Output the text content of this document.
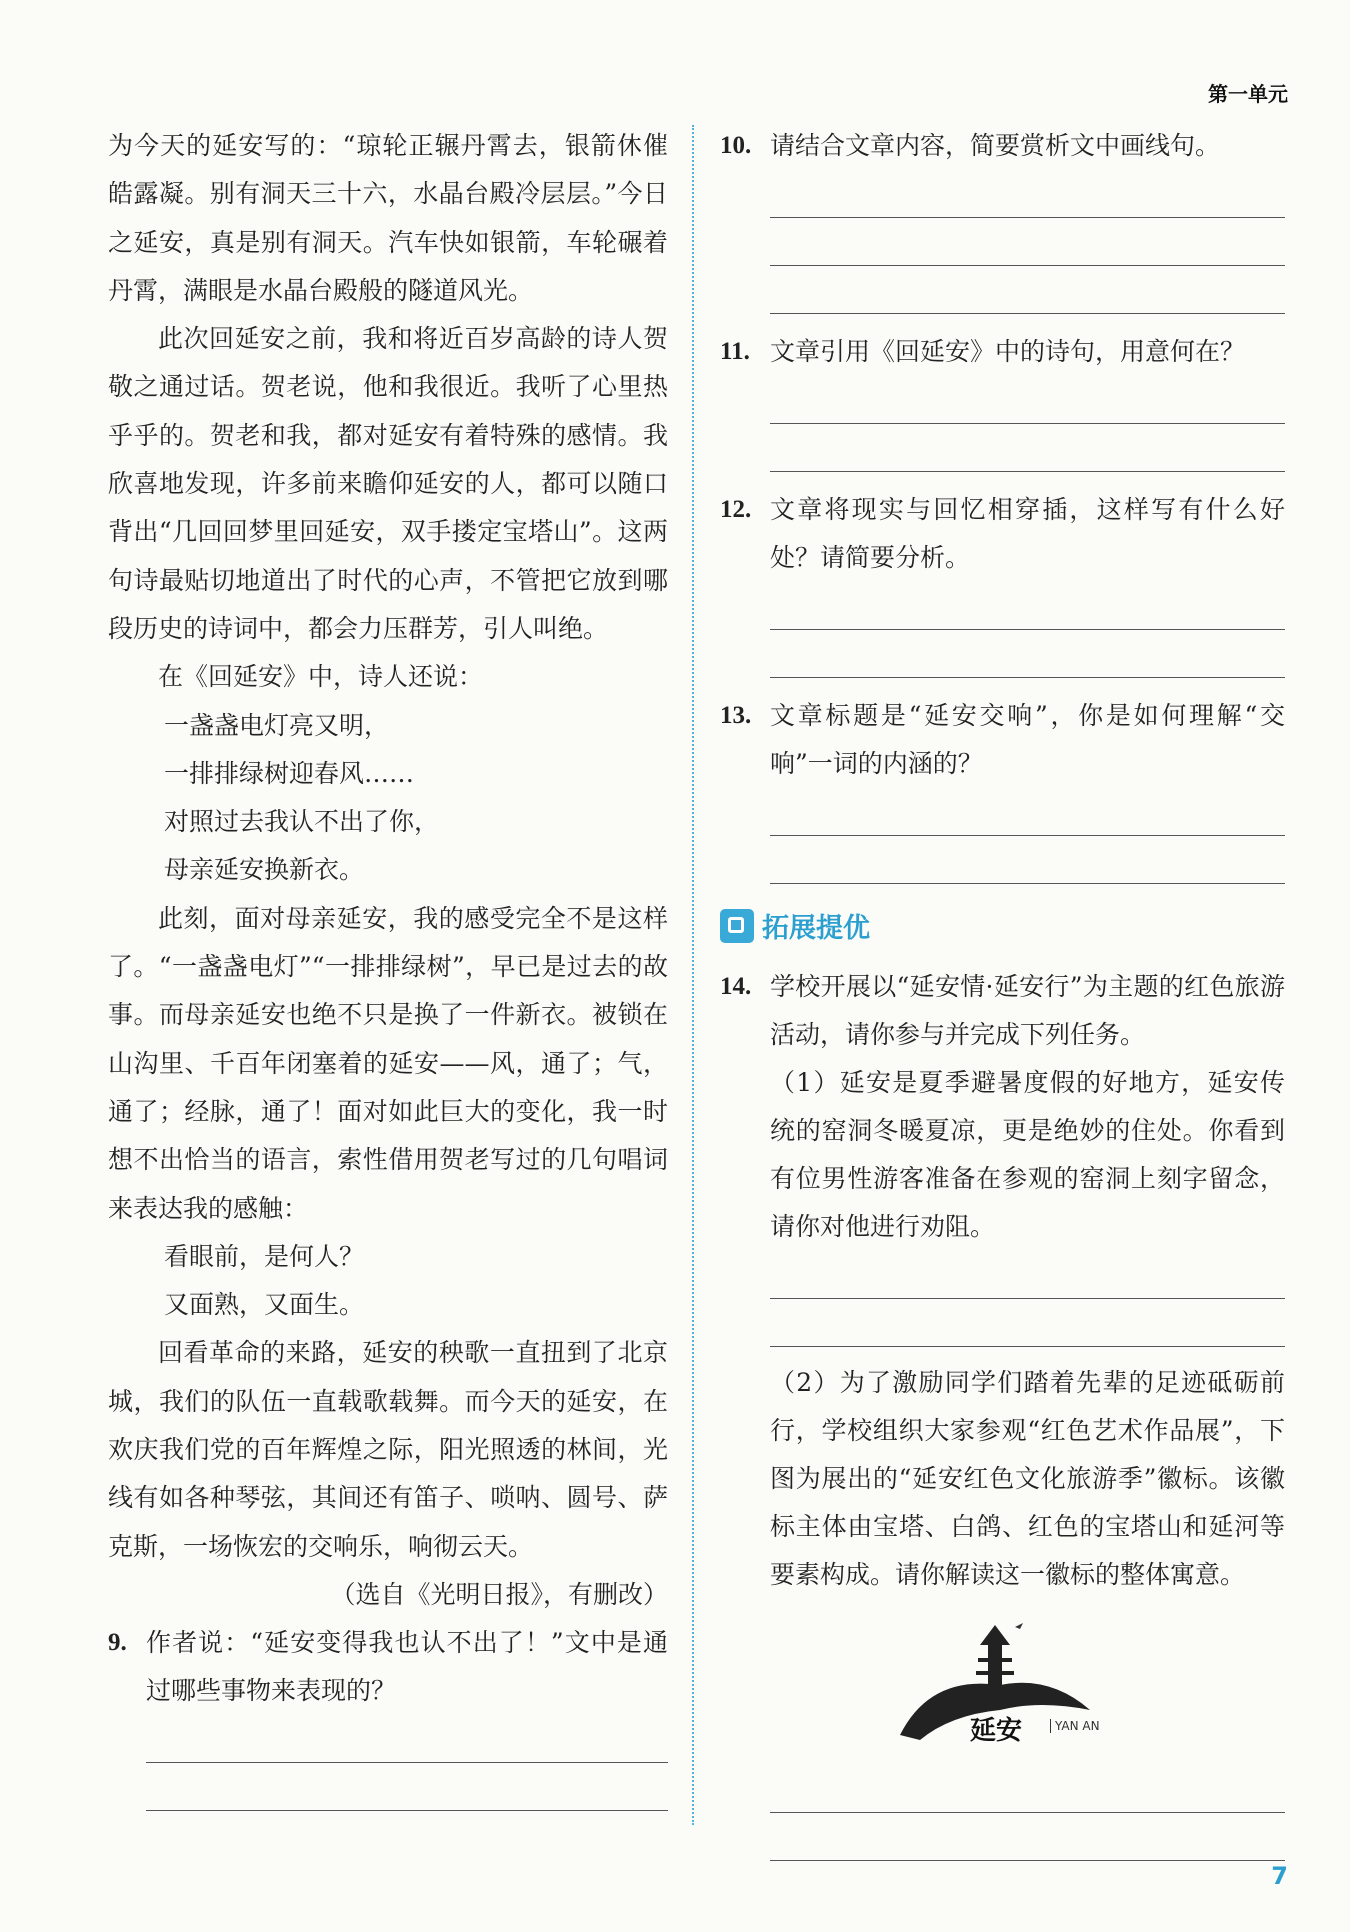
第一单元

为今天的延安写的：“琼轮正辗丹霄去，银箭休催皓露凝。别有洞天三十六，水晶台殿冷层层。”今日之延安，真是别有洞天。汽车快如银箭，车轮碾着丹霄，满眼是水晶台殿般的隧道风光。

此次回延安之前，我和将近百岁高龄的诗人贺敬之通过话。贺老说，他和我很近。我听了心里热乎乎的。贺老和我，都对延安有着特殊的感情。我欣喜地发现，许多前来瞻仰延安的人，都可以随口背出“几回回梦里回延安，双手搂定宝塔山”。这两句诗最贴切地道出了时代的心声，不管把它放到哪段历史的诗词中，都会力压群芳，引人叫绝。

在《回延安》中，诗人还说：

一盏盏电灯亮又明，

一排排绿树迎春风……

对照过去我认不出了你，

母亲延安换新衣。

此刻，面对母亲延安，我的感受完全不是这样了。“一盏盏电灯”“一排排绿树”，早已是过去的故事。而母亲延安也绝不只是换了一件新衣。被锁在山沟里、千百年闭塞着的延安——风，通了；气，通了；经脉，通了！面对如此巨大的变化，我一时想不出恰当的语言，索性借用贺老写过的几句唱词来表达我的感触：

看眼前，是何人？

又面熟，又面生。

回看革命的来路，延安的秧歌一直扭到了北京城，我们的队伍一直载歌载舞。而今天的延安，在欢庆我们党的百年辉煌之际，阳光照透的林间，光线有如各种琴弦，其间还有笛子、唢呐、圆号、萨克斯，一场恢宏的交响乐，响彻云天。

（选自《光明日报》，有删改）

9. 作者说：“延安变得我也认不出了！”文中是通过哪些事物来表现的？
10. 请结合文章内容，简要赏析文中画线句。
11. 文章引用《回延安》中的诗句，用意何在？
12. 文章将现实与回忆相穿插，这样写有什么好处？请简要分析。
13. 文章标题是“延安交响”，你是如何理解“交响”一词的内涵的？
拓展提优
14. 学校开展以“延安情·延安行”为主题的红色旅游活动，请你参与并完成下列任务。

（1）延安是夏季避暑度假的好地方，延安传统的窑洞冬暖夏凉，更是绝妙的住处。你看到有位男性游客准备在参观的窑洞上刻字留念，请你对他进行劝阻。

（2）为了激励同学们踏着先辈的足迹砥砺前行，学校组织大家参观“红色艺术作品展”，下图为展出的“延安红色文化旅游季”徽标。该徽标主体由宝塔、白鸽、红色的宝塔山和延河等要素构成。请你解读这一徽标的整体寓意。

延安	YAN AN
7
